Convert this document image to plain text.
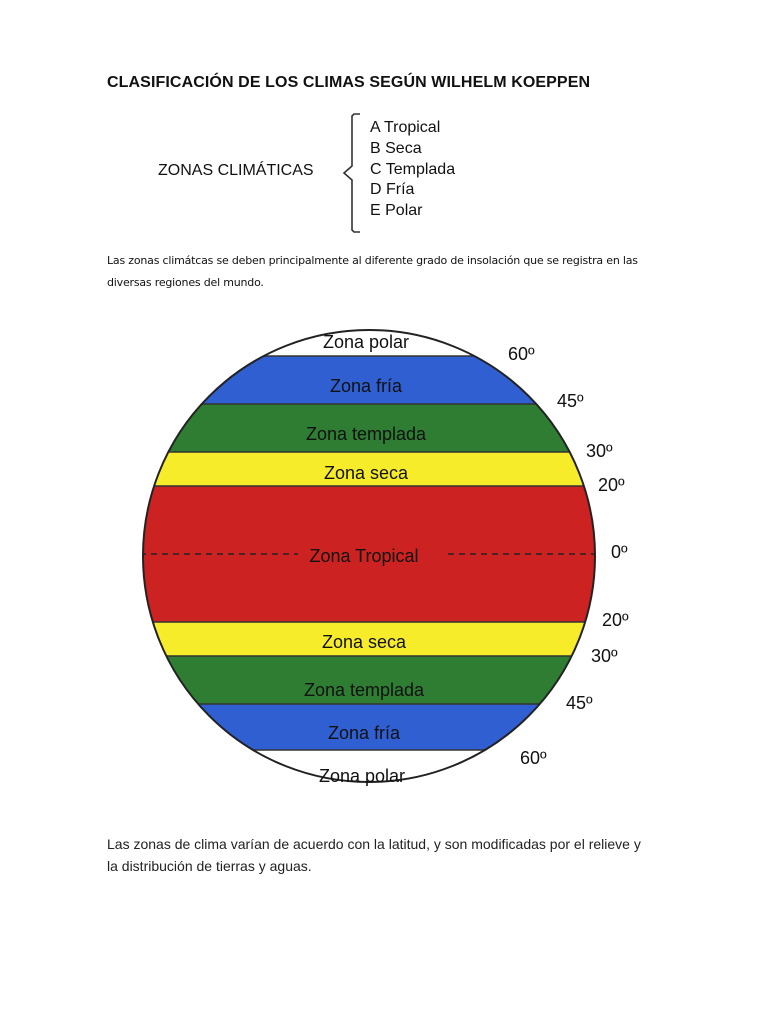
CLASIFICACIÓN DE LOS CLIMAS SEGÚN WILHELM KOEPPEN
ZONAS CLIMÁTICAS
A Tropical
B Seca
C Templada
D Fría
E Polar
Las zonas climátcas se deben principalmente al diferente grado de insolación que se registra en las diversas regiones del mundo.
Zona polar
Zona fría
Zona templada
Zona seca
Zona Tropical
Zona seca
Zona templada
Zona fría
Zona polar
60º
45º
30º
20º
0º
20º
30º
45º
60º
Las zonas de clima varían de acuerdo con la latitud, y son modificadas por el relieve y la distribución de tierras y aguas.
